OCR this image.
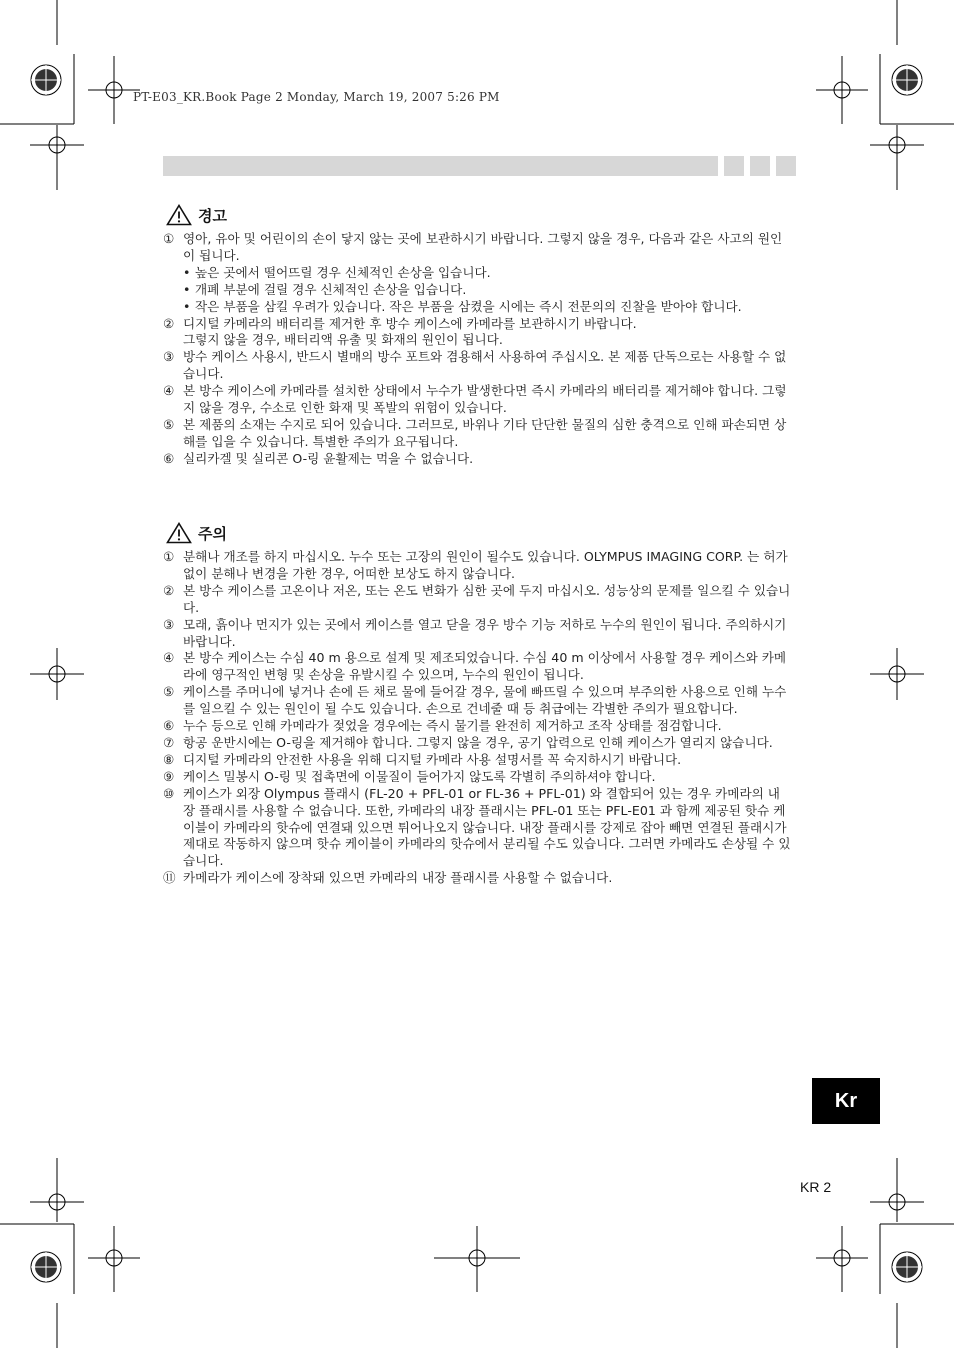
PT-E03_KR.Book Page 2 Monday, March 19, 2007 5:26 PM
경고
① 영아, 유아 및 어린이의 손이 닿지 않는 곳에 보관하시기 바랍니다. 그렇지 않을 경우, 다음과 같은 사고의 원인이 됩니다.
• 높은 곳에서 떨어뜨릴 경우 신체적인 손상을 입습니다.
• 개폐 부분에 걸릴 경우 신체적인 손상을 입습니다.
• 작은 부품을 삼킬 우려가 있습니다. 작은 부품을 삼켰을 시에는 즉시 전문의의 진찰을 받아야 합니다.
② 디지털 카메라의 배터리를 제거한 후 방수 케이스에 카메라를 보관하시기 바랍니다.
그렇지 않을 경우, 배터리액 유출 및 화재의 원인이 됩니다.
③ 방수 케이스 사용시, 반드시 별매의 방수 포트와 겸용해서 사용하여 주십시오. 본 제품 단독으로는 사용할 수 없습니다.
④ 본 방수 케이스에 카메라를 설치한 상태에서 누수가 발생한다면 즉시 카메라의 배터리를 제거해야 합니다. 그렇지 않을 경우, 수소로 인한 화재 및 폭발의 위험이 있습니다.
⑤ 본 제품의 소재는 수지로 되어 있습니다. 그러므로, 바위나 기타 단단한 물질의 심한 충격으로 인해 파손되면 상해를 입을 수 있습니다. 특별한 주의가 요구됩니다.
⑥ 실리카겔 및 실리콘 O-링 윤활제는 먹을 수 없습니다.
주의
① 분해나 개조를 하지 마십시오. 누수 또는 고장의 원인이 될수도 있습니다. OLYMPUS IMAGING CORP. 는 허가 없이 분해나 변경을 가한 경우, 어떠한 보상도 하지 않습니다.
② 본 방수 케이스를 고온이나 저온, 또는 온도 변화가 심한 곳에 두지 마십시오. 성능상의 문제를 일으킬 수 있습니다.
③ 모래, 흙이나 먼지가 있는 곳에서 케이스를 열고 닫을 경우 방수 기능 저하로 누수의 원인이 됩니다. 주의하시기 바랍니다.
④ 본 방수 케이스는 수심 40 m 용으로 설계 및 제조되었습니다. 수심 40 m 이상에서 사용할 경우 케이스와 카메라에 영구적인 변형 및 손상을 유발시킬 수 있으며, 누수의 원인이 됩니다.
⑤ 케이스를 주머니에 넣거나 손에 든 채로 물에 들어갈 경우, 물에 빠뜨릴 수 있으며 부주의한 사용으로 인해 누수를 일으킬 수 있는 원인이 될 수도 있습니다. 손으로 건네줄 때 등 취급에는 각별한 주의가 필요합니다.
⑥ 누수 등으로 인해 카메라가 젖었을 경우에는 즉시 물기를 완전히 제거하고 조작 상태를 점검합니다.
⑦ 항공 운반시에는 O-링을 제거해야 합니다. 그렇지 않을 경우, 공기 압력으로 인해 케이스가 열리지 않습니다.
⑧ 디지털 카메라의 안전한 사용을 위해 디지털 카메라 사용 설명서를 꼭 숙지하시기 바랍니다.
⑨ 케이스 밀봉시 O-링 및 접촉면에 이물질이 들어가지 않도록 각별히 주의하셔야 합니다.
⑩ 케이스가 외장 Olympus 플래시 (FL-20 + PFL-01 or FL-36 + PFL-01) 와 결합되어 있는 경우 카메라의 내장 플래시를 사용할 수 없습니다. 또한, 카메라의 내장 플래시는 PFL-01 또는 PFL-E01 과 함께 제공된 핫슈 케이블이 카메라의 핫슈에 연결돼 있으면 튀어나오지 않습니다. 내장 플래시를 강제로 잡아 빼면 연결된 플래시가 제대로 작동하지 않으며 핫슈 케이블이 카메라의 핫슈에서 분리될 수도 있습니다. 그러면 카메라도 손상될 수 있습니다.
⑪ 카메라가 케이스에 장착돼 있으면 카메라의 내장 플래시를 사용할 수 없습니다.
Kr
KR 2
